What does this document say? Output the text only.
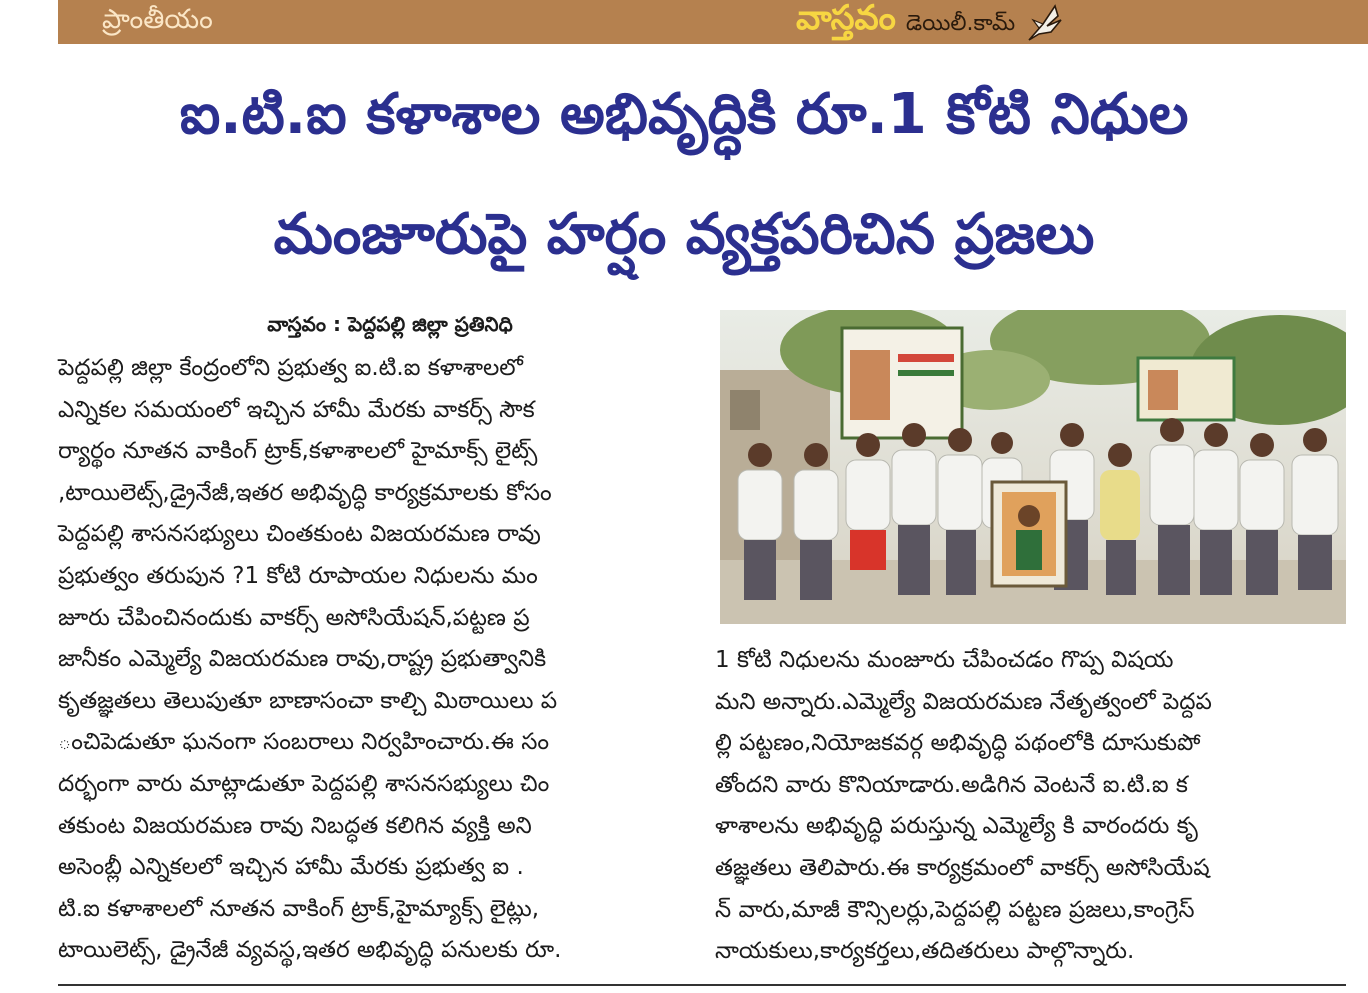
ప్రాంతీయం	వాస్తవం డెయిలీ.కామ్
ఐ.టి.ఐ కళాశాల అభివృద్ధికి రూ.1 కోటి నిధుల
మంజూరుపై హర్షం వ్యక్తపరిచిన ప్రజలు
వాస్తవం : పెద్దపల్లి జిల్లా ప్రతినిధి
పెద్దపల్లి జిల్లా కేంద్రంలోని ప్రభుత్వ ఐ.టి.ఐ కళాశాలలో
ఎన్నికల సమయంలో ఇచ్చిన హామీ మేరకు వాకర్స్ సౌక
ర్యార్థం నూతన వాకింగ్ ట్రాక్,కళాశాలలో హైమాక్స్ లైట్స్
,టాయిలెట్స్,డ్రైనేజీ,ఇతర అభివృద్ధి కార్యక్రమాలకు కోసం
పెద్దపల్లి శాసనసభ్యులు చింతకుంట విజయరమణ రావు
ప్రభుత్వం తరుపున ?1 కోటి రూపాయల నిధులను మం
జూరు చేపించినందుకు వాకర్స్ అసోసియేషన్,పట్టణ ప్ర
జానీకం ఎమ్మెల్యే విజయరమణ రావు,రాష్ట్ర ప్రభుత్వానికి
కృతజ్ఞతలు తెలుపుతూ బాణాసంచా కాల్చి మిఠాయిలు ప
ంచిపెడుతూ ఘనంగా సంబరాలు నిర్వహించారు.ఈ సం
దర్భంగా వారు మాట్లాడుతూ పెద్దపల్లి శాసనసభ్యులు చిం
తకుంట విజయరమణ రావు నిబద్ధత కలిగిన వ్యక్తి అని
అసెంబ్లీ ఎన్నికలలో ఇచ్చిన హామీ మేరకు ప్రభుత్వ ఐ .
టి.ఐ కళాశాలలో నూతన వాకింగ్ ట్రాక్,హైమ్యాక్స్ లైట్లు,
టాయిలెట్స్, డ్రైనేజీ వ్యవస్థ,ఇతర అభివృద్ధి పనులకు రూ.
1 కోటి నిధులను మంజూరు చేపించడం గొప్ప విషయ
మని అన్నారు.ఎమ్మెల్యే విజయరమణ నేతృత్వంలో పెద్దప
ల్లి పట్టణం,నియోజకవర్గ అభివృద్ధి పథంలోకి దూసుకుపో
తోందని వారు కొనియాడారు.అడిగిన వెంటనే ఐ.టి.ఐ క
ళాశాలను అభివృద్ధి పరుస్తున్న ఎమ్మెల్యే కి వారందరు కృ
తజ్ఞతలు తెలిపారు.ఈ కార్యక్రమంలో వాకర్స్ అసోసియేష
న్ వారు,మాజీ కౌన్సిలర్లు,పెద్దపల్లి పట్టణ ప్రజలు,కాంగ్రెస్
నాయకులు,కార్యకర్తలు,తదితరులు పాల్గొన్నారు.
